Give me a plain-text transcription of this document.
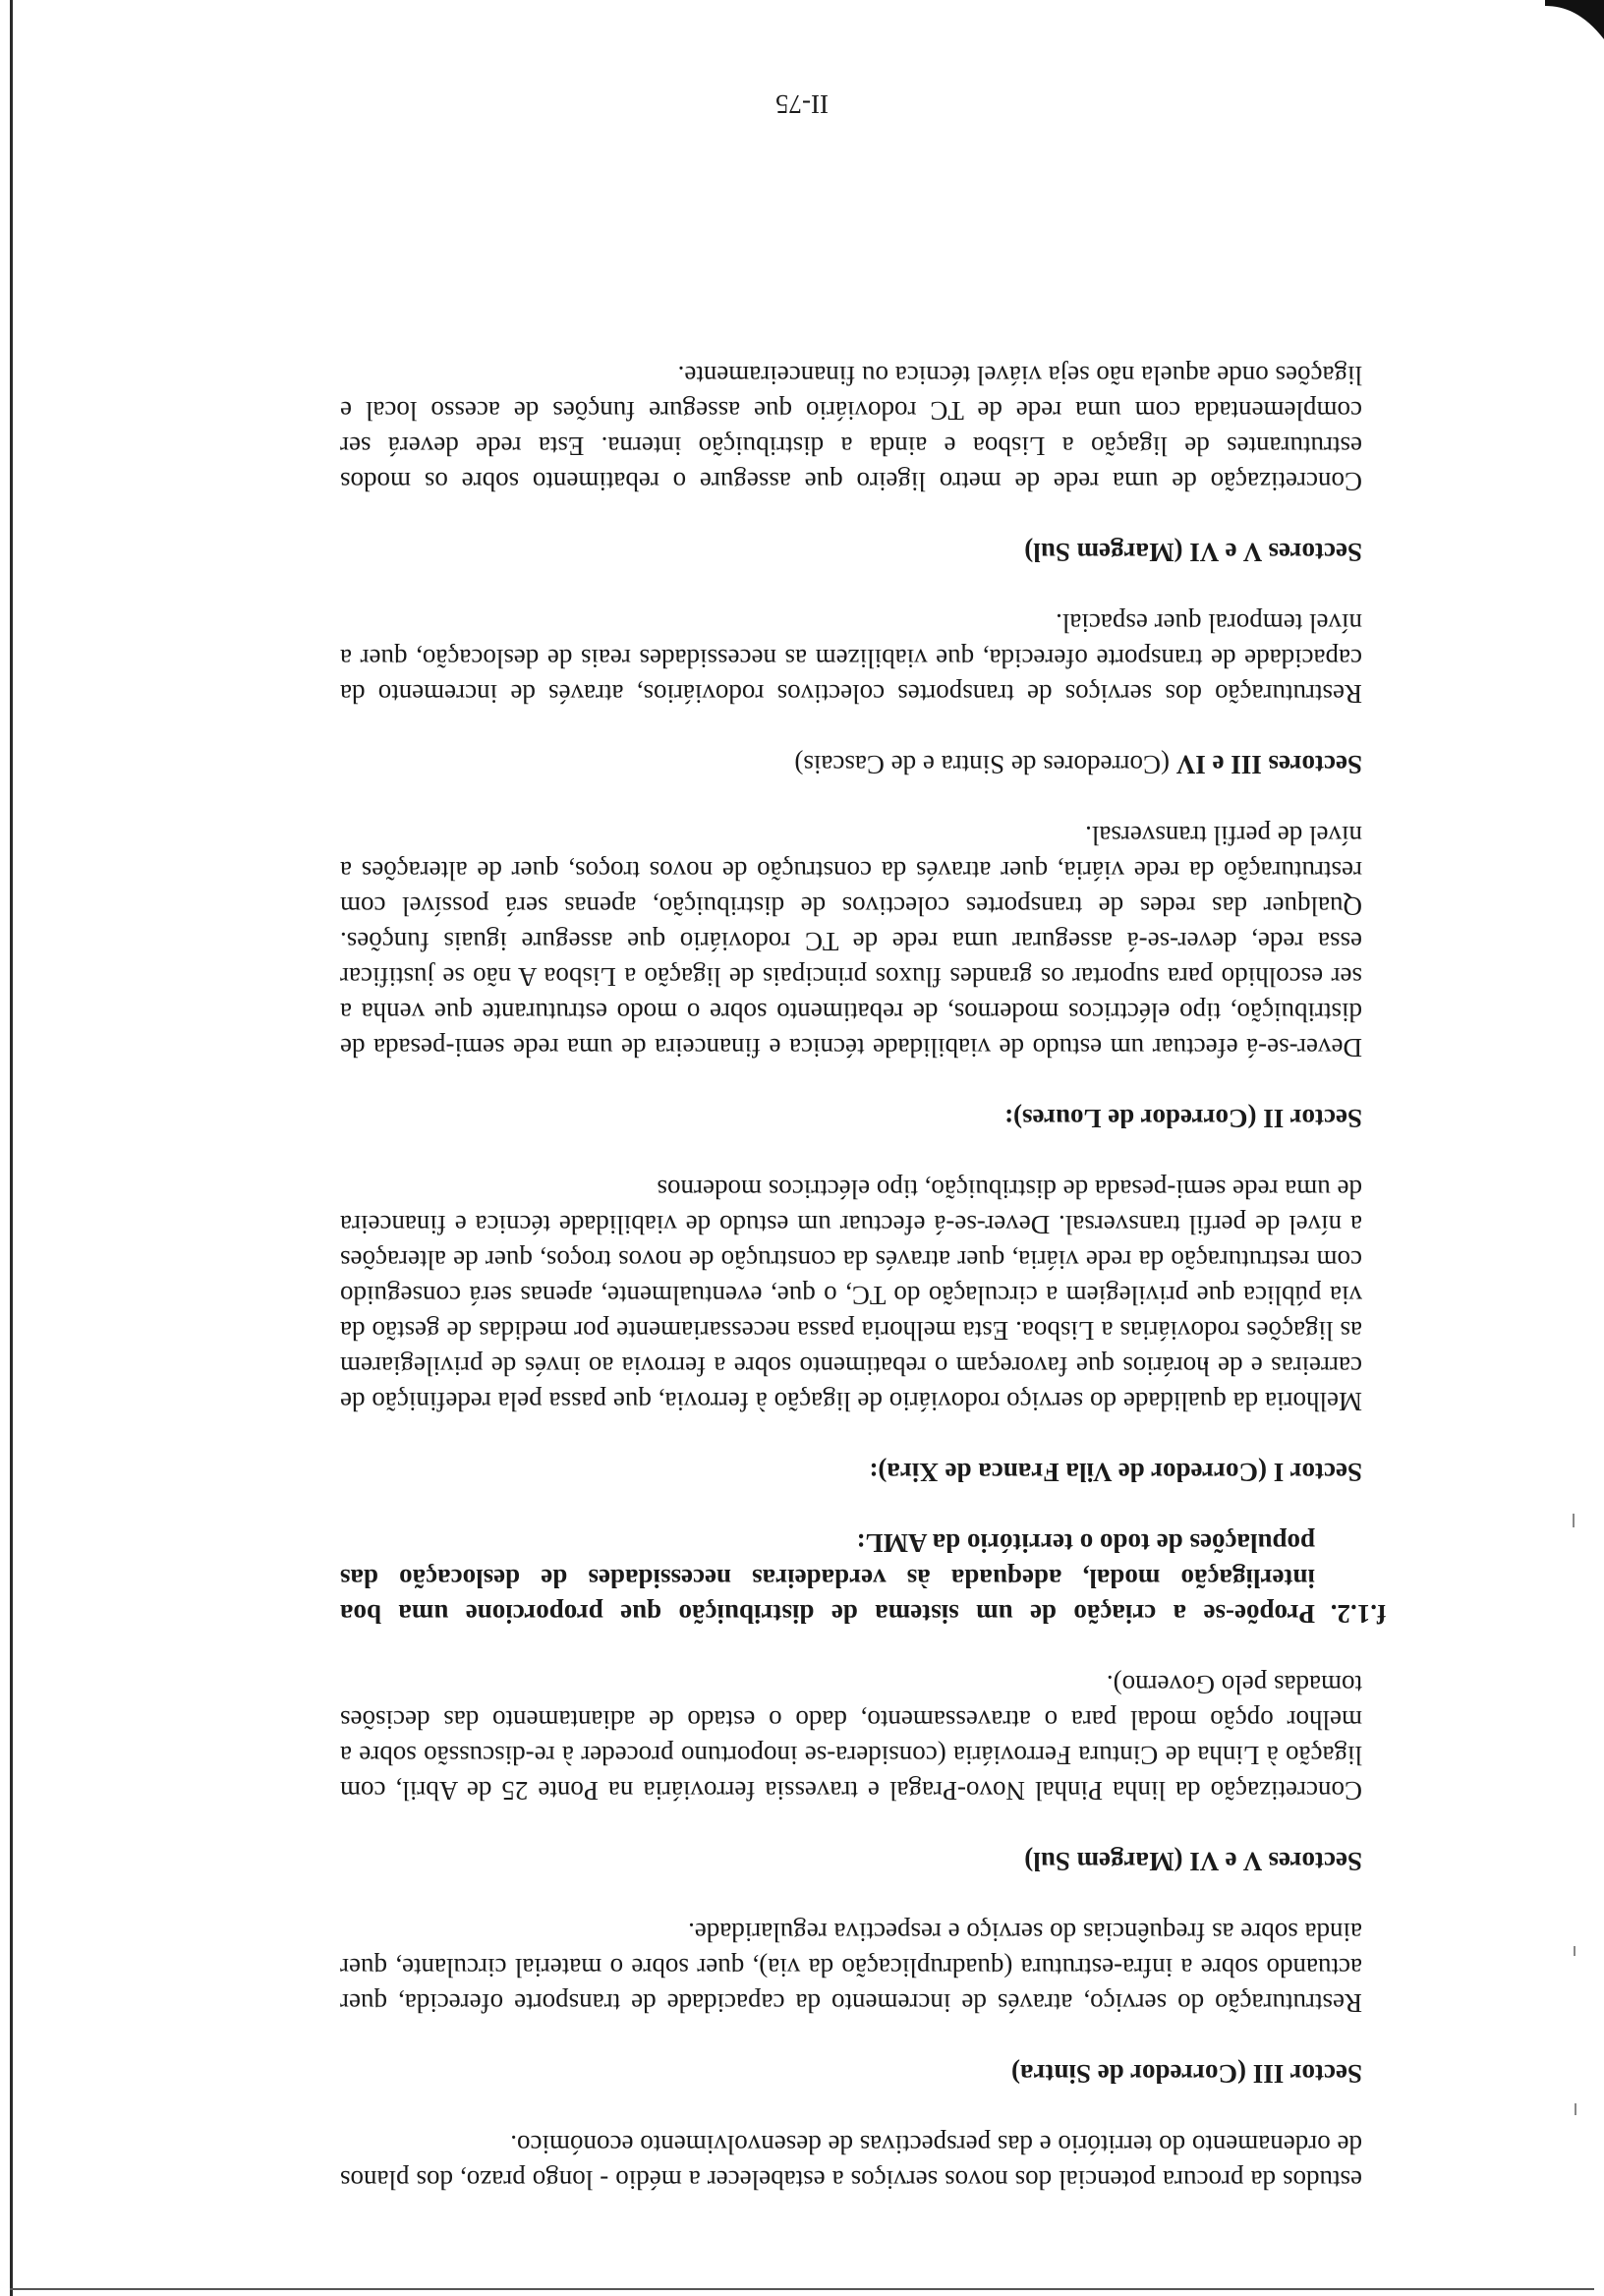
estudos da procura potencial dos novos serviços a estabelecer a médio - longo prazo, dos planos de ordenamento do território e das perspectivas de desenvolvimento económico.

Sector III (Corredor de Sintra)

Restruturação do serviço, através de incremento da capacidade de transporte oferecida, quer actuando sobre a infra-estrutura (quadruplicação da via), quer sobre o material circulante, quer ainda sobre as frequências do serviço e respectiva regularidade.

Sectores V e VI (Margem Sul)

Concretização da linha Pinhal Novo-Pragal e travessia ferroviária na Ponte 25 de Abril, com ligação à Linha de Cintura Ferroviária (considera-se inoportuno proceder à re-discussão sobre a melhor opção modal para o atravessamento, dado o estado de adiantamento das decisões tomadas pelo Governo).

f.1.2.
Propõe-se a criação de um sistema de distribuição que proporcione uma boa interligação modal, adequada às verdadeiras necessidades de deslocação das populações de todo o território da AML:

Sector I (Corredor de Vila Franca de Xira):

Melhoria da qualidade do serviço rodoviário de ligação à ferrovia, que passa pela redefinição de carreiras e de horários que favoreçam o rebatimento sobre a ferrovia ao invés de privilegiarem as ligações rodoviárias a Lisboa. Esta melhoria passa necessariamente por medidas de gestão da via pública que privilegiem a circulação do TC, o que, eventualmente, apenas será conseguido com restruturação da rede viária, quer através da construção de novos troços, quer de alterações a nível de perfil transversal. Dever-se-á efectuar um estudo de viabilidade técnica e financeira de uma rede semi-pesada de distribuição, tipo eléctricos modernos

Sector II (Corredor de Loures):

Dever-se-á efectuar um estudo de viabilidade técnica e financeira de uma rede semi-pesada de distribuição, tipo eléctricos modernos, de rebatimento sobre o modo estruturante que venha a ser escolhido para suportar os grandes fluxos principais de ligação a Lisboa A não se justificar essa rede, dever-se-á assegurar uma rede de TC rodoviário que assegure iguais funções. Qualquer das redes de transportes colectivos de distribuição, apenas será possível com restruturação da rede viária, quer através da construção de novos troços, quer de alterações a nível de perfil transversal.

Sectores III e IV (Corredores de Sintra e de Cascais)

Restruturação dos serviços de transportes colectivos rodoviários, através de incremento da capacidade de transporte oferecida, que viabilizem as necessidades reais de deslocação, quer a nível temporal quer espacial.

Sectores V e VI (Margem Sul)

Concretização de uma rede de metro ligeiro que assegure o rebatimento sobre os modos estruturantes de ligação a Lisboa e ainda a distribuição interna. Esta rede deverá ser complementada com uma rede de TC rodoviário que assegure funções de acesso local e ligações onde aquela não seja viável técnica ou financeiramente.

II-75
